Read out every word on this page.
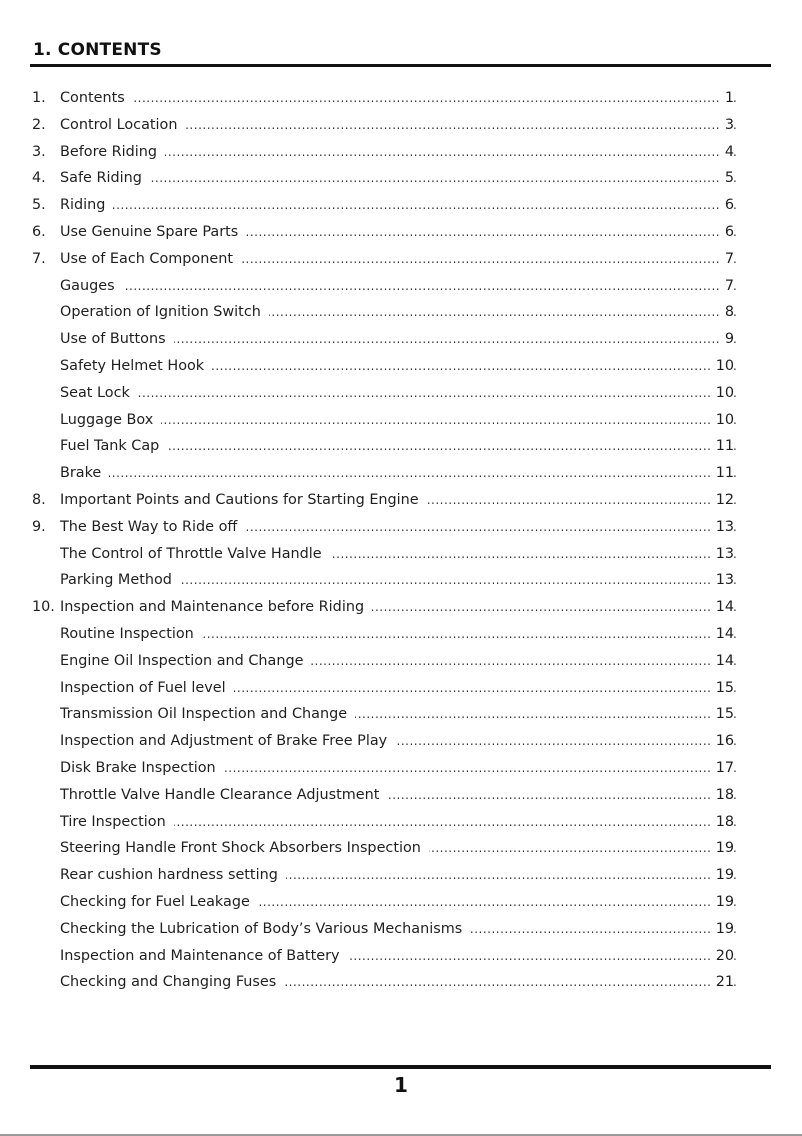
1. CONTENTS
.....
1. Contents	1
.....
2. Control Location	3
.....
3. Before Riding	4
.....
4. Safe Riding	5
.....
5. Riding	6
.....
6. Use Genuine Spare Parts	6
.....
7. Use of Each Component	7
.....
Gauges	7
.....
Operation of Ignition Switch	8
.....
Use of Buttons	9
.....
Safety Helmet Hook	10
.....
Seat Lock	10
.....
Luggage Box	10
.....
Fuel Tank Cap	11
.....
Brake	11
.....
8. Important Points and Cautions for Starting Engine	12
.....
9. The Best Way to Ride off	13
.....
The Control of Throttle Valve Handle	13
.....
Parking Method	13
.....
10. Inspection and Maintenance before Riding	14
.....
Routine Inspection	14
.....
Engine Oil Inspection and Change	14
.....
Inspection of Fuel level	15
.....
Transmission Oil Inspection and Change	15
.....
Inspection and Adjustment of Brake Free Play	16
.....
Disk Brake Inspection	17
.....
Throttle Valve Handle Clearance Adjustment	18
.....
Tire Inspection	18
.....
Steering Handle Front Shock Absorbers Inspection	19
.....
Rear cushion hardness setting	19
.....
Checking for Fuel Leakage	19
.....
Checking the Lubrication of Body’s Various Mechanisms	19
.....
Inspection and Maintenance of Battery	20
.....
Checking and Changing Fuses	21
1
